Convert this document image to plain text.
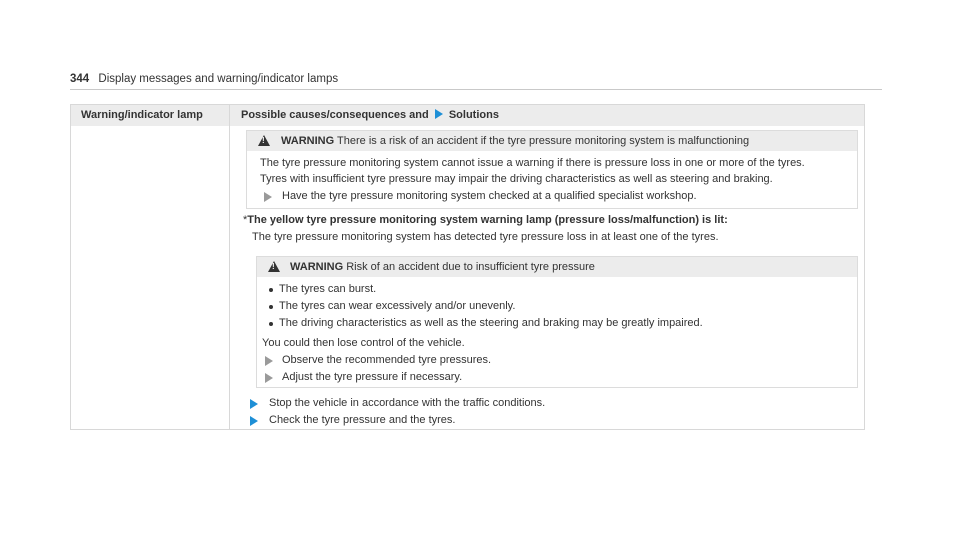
344 Display messages and warning/indicator lamps
Warning/indicator lamp	Possible causes/consequences and Solutions
!
WARNING There is a risk of an accident if the tyre pressure monitoring system is malfunctioning
The tyre pressure monitoring system cannot issue a warning if there is pressure loss in one or more of the tyres.
Tyres with insufficient tyre pressure may impair the driving characteristics as well as steering and braking.
Have the tyre pressure monitoring system checked at a qualified specialist workshop.
*The yellow tyre pressure monitoring system warning lamp (pressure loss/malfunction) is lit:
The tyre pressure monitoring system has detected tyre pressure loss in at least one of the tyres.
!
WARNING Risk of an accident due to insufficient tyre pressure
The tyres can burst.
The tyres can wear excessively and/or unevenly.
The driving characteristics as well as the steering and braking may be greatly impaired.
You could then lose control of the vehicle.
Observe the recommended tyre pressures.
Adjust the tyre pressure if necessary.
Stop the vehicle in accordance with the traffic conditions.
Check the tyre pressure and the tyres.
